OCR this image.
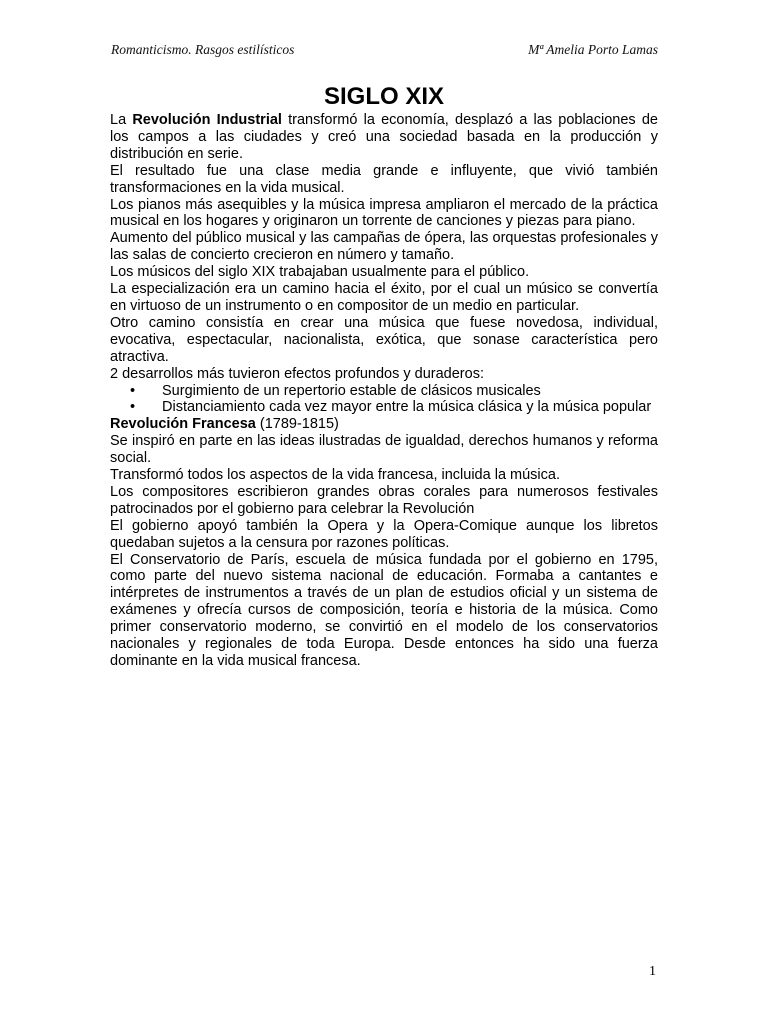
Romanticismo. Rasgos estilísticos	Mª Amelia Porto Lamas
SIGLO XIX

La Revolución Industrial transformó la economía, desplazó a las poblaciones de los campos a las ciudades y creó una sociedad basada en la producción y distribución en serie.

El resultado fue una clase media grande e influyente, que vivió también transformaciones en la vida musical.

Los pianos más asequibles y la música impresa ampliaron el mercado de la práctica musical en los hogares y originaron un torrente de canciones y piezas para piano.

Aumento del público musical y las campañas de ópera, las orquestas profesionales y las salas de concierto crecieron en número y tamaño.

Los músicos del siglo XIX trabajaban usualmente para el público.

La especialización era un camino hacia el éxito, por el cual un músico se convertía en virtuoso de un instrumento o en compositor de un medio en particular.

Otro camino consistía en crear una música que fuese novedosa, individual, evocativa, espectacular, nacionalista, exótica, que sonase característica pero atractiva.

2 desarrollos más tuvieron efectos profundos y duraderos:

• Surgimiento de un repertorio estable de clásicos musicales
• Distanciamiento cada vez mayor entre la música clásica y la música popular

Revolución Francesa (1789-1815)

Se inspiró en parte en las ideas ilustradas de igualdad, derechos humanos y reforma social.

Transformó todos los aspectos de la vida francesa, incluida la música.

Los compositores escribieron grandes obras corales para numerosos festivales patrocinados por el gobierno para celebrar la Revolución

El gobierno apoyó también la Opera y la Opera-Comique aunque los libretos quedaban sujetos a la censura por razones políticas.

El Conservatorio de París, escuela de música fundada por el gobierno en 1795, como parte del nuevo sistema nacional de educación. Formaba a cantantes e intérpretes de instrumentos a través de un plan de estudios oficial y un sistema de exámenes y ofrecía cursos de composición, teoría e historia de la música. Como primer conservatorio moderno, se convirtió en el modelo de los conservatorios nacionales y regionales de toda Europa. Desde entonces ha sido una fuerza dominante en la vida musical francesa.

1
